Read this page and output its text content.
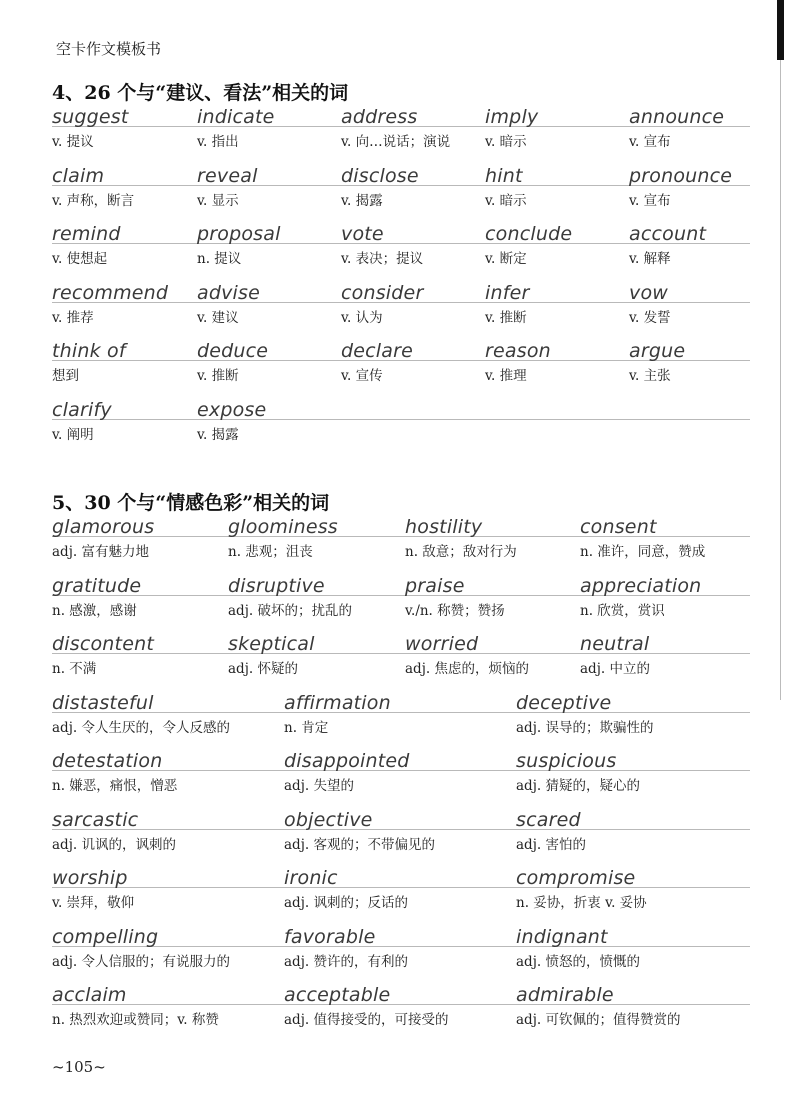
空卡作文模板书
4、26 个与“建议、看法”相关的词
suggest
v. 提议
indicate
v. 指出
address
v. 向…说话；演说
imply
v. 暗示
announce
v. 宣布
claim
v. 声称，断言
reveal
v. 显示
disclose
v. 揭露
hint
v. 暗示
pronounce
v. 宣布
remind
v. 使想起
proposal
n. 提议
vote
v. 表决；提议
conclude
v. 断定
account
v. 解释
recommend
v. 推荐
advise
v. 建议
consider
v. 认为
infer
v. 推断
vow
v. 发誓
think of
想到
deduce
v. 推断
declare
v. 宣传
reason
v. 推理
argue
v. 主张
clarify
v. 阐明
expose
v. 揭露
5、30 个与“情感色彩”相关的词
glamorous
adj. 富有魅力地
gloominess
n. 悲观；沮丧
hostility
n. 敌意；敌对行为
consent
n. 准许，同意，赞成
gratitude
n. 感激，感谢
disruptive
adj. 破坏的；扰乱的
praise
v./n. 称赞；赞扬
appreciation
n. 欣赏，赏识
discontent
n. 不满
skeptical
adj. 怀疑的
worried
adj. 焦虑的，烦恼的
neutral
adj. 中立的
distasteful
adj. 令人生厌的，令人反感的
affirmation
n. 肯定
deceptive
adj. 误导的；欺骗性的
detestation
n. 嫌恶，痛恨，憎恶
disappointed
adj. 失望的
suspicious
adj. 猜疑的，疑心的
sarcastic
adj. 讥讽的，讽刺的
objective
adj. 客观的；不带偏见的
scared
adj. 害怕的
worship
v. 崇拜，敬仰
ironic
adj. 讽刺的；反话的
compromise
n. 妥协，折衷 v. 妥协
compelling
adj. 令人信服的；有说服力的
favorable
adj. 赞许的，有利的
indignant
adj. 愤怒的，愤慨的
acclaim
n. 热烈欢迎或赞同；v. 称赞
acceptable
adj. 值得接受的，可接受的
admirable
adj. 可钦佩的；值得赞赏的
~105~
